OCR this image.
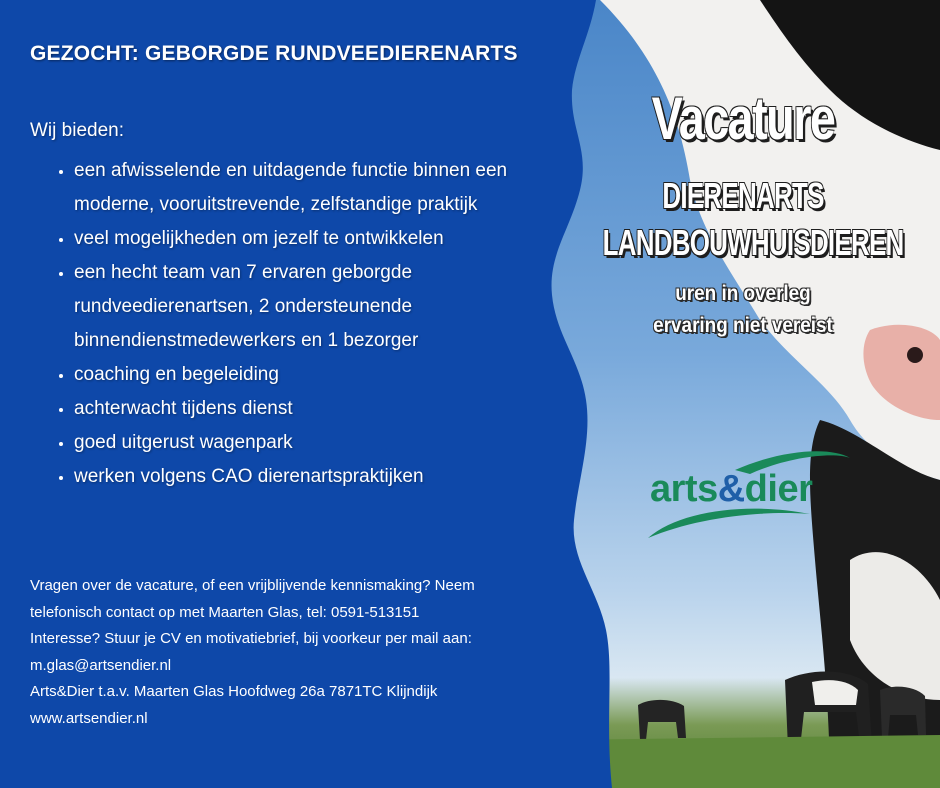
GEZOCHT: GEBORGDE RUNDVEEDIERENARTS
Wij bieden:
• een afwisselende en uitdagende functie binnen een moderne, vooruitstrevende, zelfstandige praktijk
• veel mogelijkheden om jezelf te ontwikkelen
• een hecht team van 7 ervaren geborgde rundveedierenartsen, 2 ondersteunende binnendienstmedewerkers en 1 bezorger
• coaching en begeleiding
• achterwacht tijdens dienst
• goed uitgerust wagenpark
• werken volgens CAO dierenartspraktijken
Vragen over de vacature, of een vrijblijvende kennismaking? Neem
telefonisch contact op met Maarten Glas, tel: 0591-513151
Interesse? Stuur je CV en motivatiebrief, bij voorkeur per mail aan:
m.glas@artsendier.nl
Arts&Dier t.a.v. Maarten Glas Hoofdweg 26a 7871TC Klijndijk
www.artsendier.nl
Vacature
DIERENARTS
LANDBOUWHUISDIEREN
uren in overleg
ervaring niet vereist
arts&dier
